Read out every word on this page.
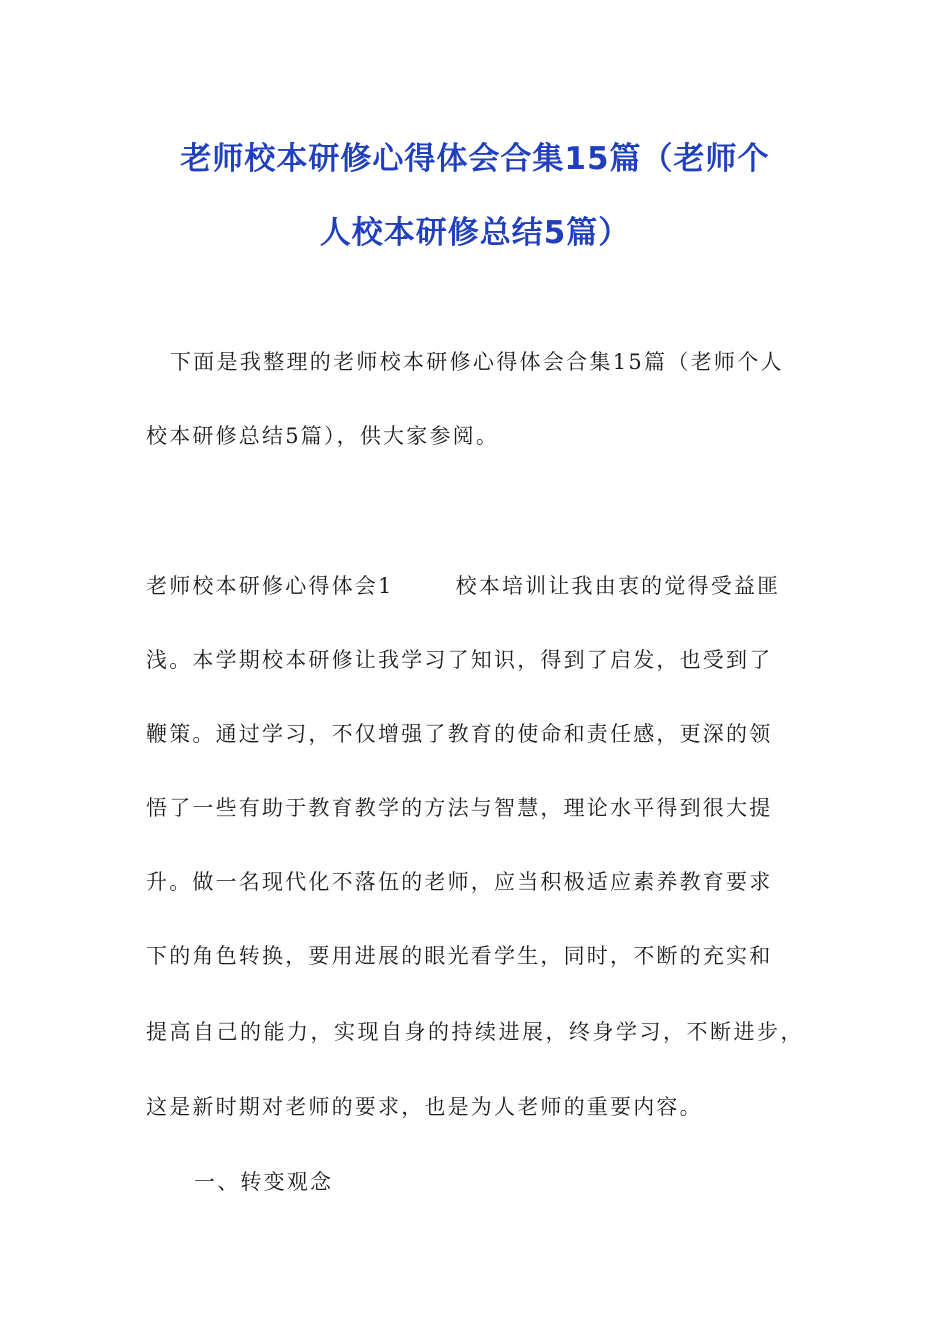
老师校本研修心得体会合集15篇（老师个
人校本研修总结5篇）
下面是我整理的老师校本研修心得体会合集15篇（老师个人
校本研修总结5篇），供大家参阅。
老师校本研修心得体会1	校本培训让我由衷的觉得受益匪
浅。本学期校本研修让我学习了知识，得到了启发，也受到了
鞭策。通过学习，不仅增强了教育的使命和责任感，更深的领
悟了一些有助于教育教学的方法与智慧，理论水平得到很大提
升。做一名现代化不落伍的老师，应当积极适应素养教育要求
下的角色转换，要用进展的眼光看学生，同时，不断的充实和
提高自己的能力，实现自身的持续进展，终身学习，不断进步，
这是新时期对老师的要求，也是为人老师的重要内容。
一、转变观念
